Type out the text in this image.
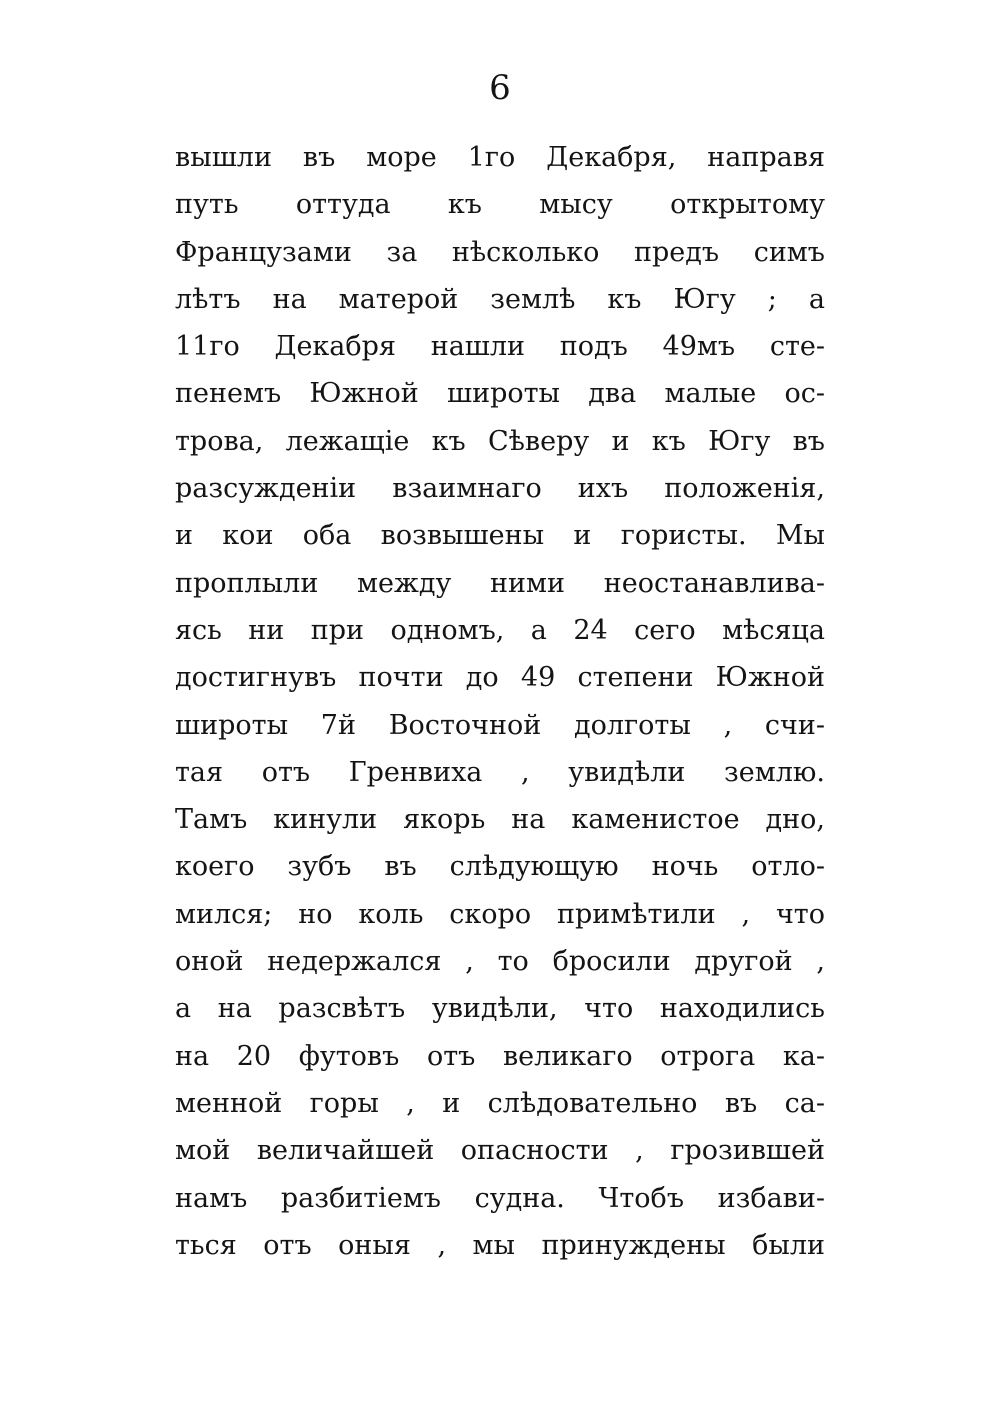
6
вышли въ море 1го Декабря, направя
путь оттуда къ мысу открытому
Французами за нѣсколько предъ симъ
лѣтъ на матерой землѣ къ Югу ; а
11го Декабря нашли подъ 49мъ сте-
пенемъ Южной широты два малые ос-
трова, лежащіе къ Сѣверу и къ Югу въ
разсужденіи взаимнаго ихъ положенія,
и кои оба возвышены и гористы. Мы
проплыли между ними неостанавлива-
ясь ни при одномъ, а 24 сего мѣсяца
достигнувъ почти до 49 степени Южной
широты 7й Восточной долготы , счи-
тая отъ Гренвиха , увидѣли землю.
Тамъ кинули якорь на каменистое дно,
коего зубъ въ слѣдующую ночь отло-
мился; но коль скоро примѣтили , что
оной недержался , то бросили другой ,
а на разсвѣтъ увидѣли, что находились
на 20 футовъ отъ великаго отрога ка-
менной горы , и слѣдовательно въ са-
мой величайшей опасности , грозившей
намъ разбитіемъ судна. Чтобъ избави-
ться отъ оныя , мы принуждены были
